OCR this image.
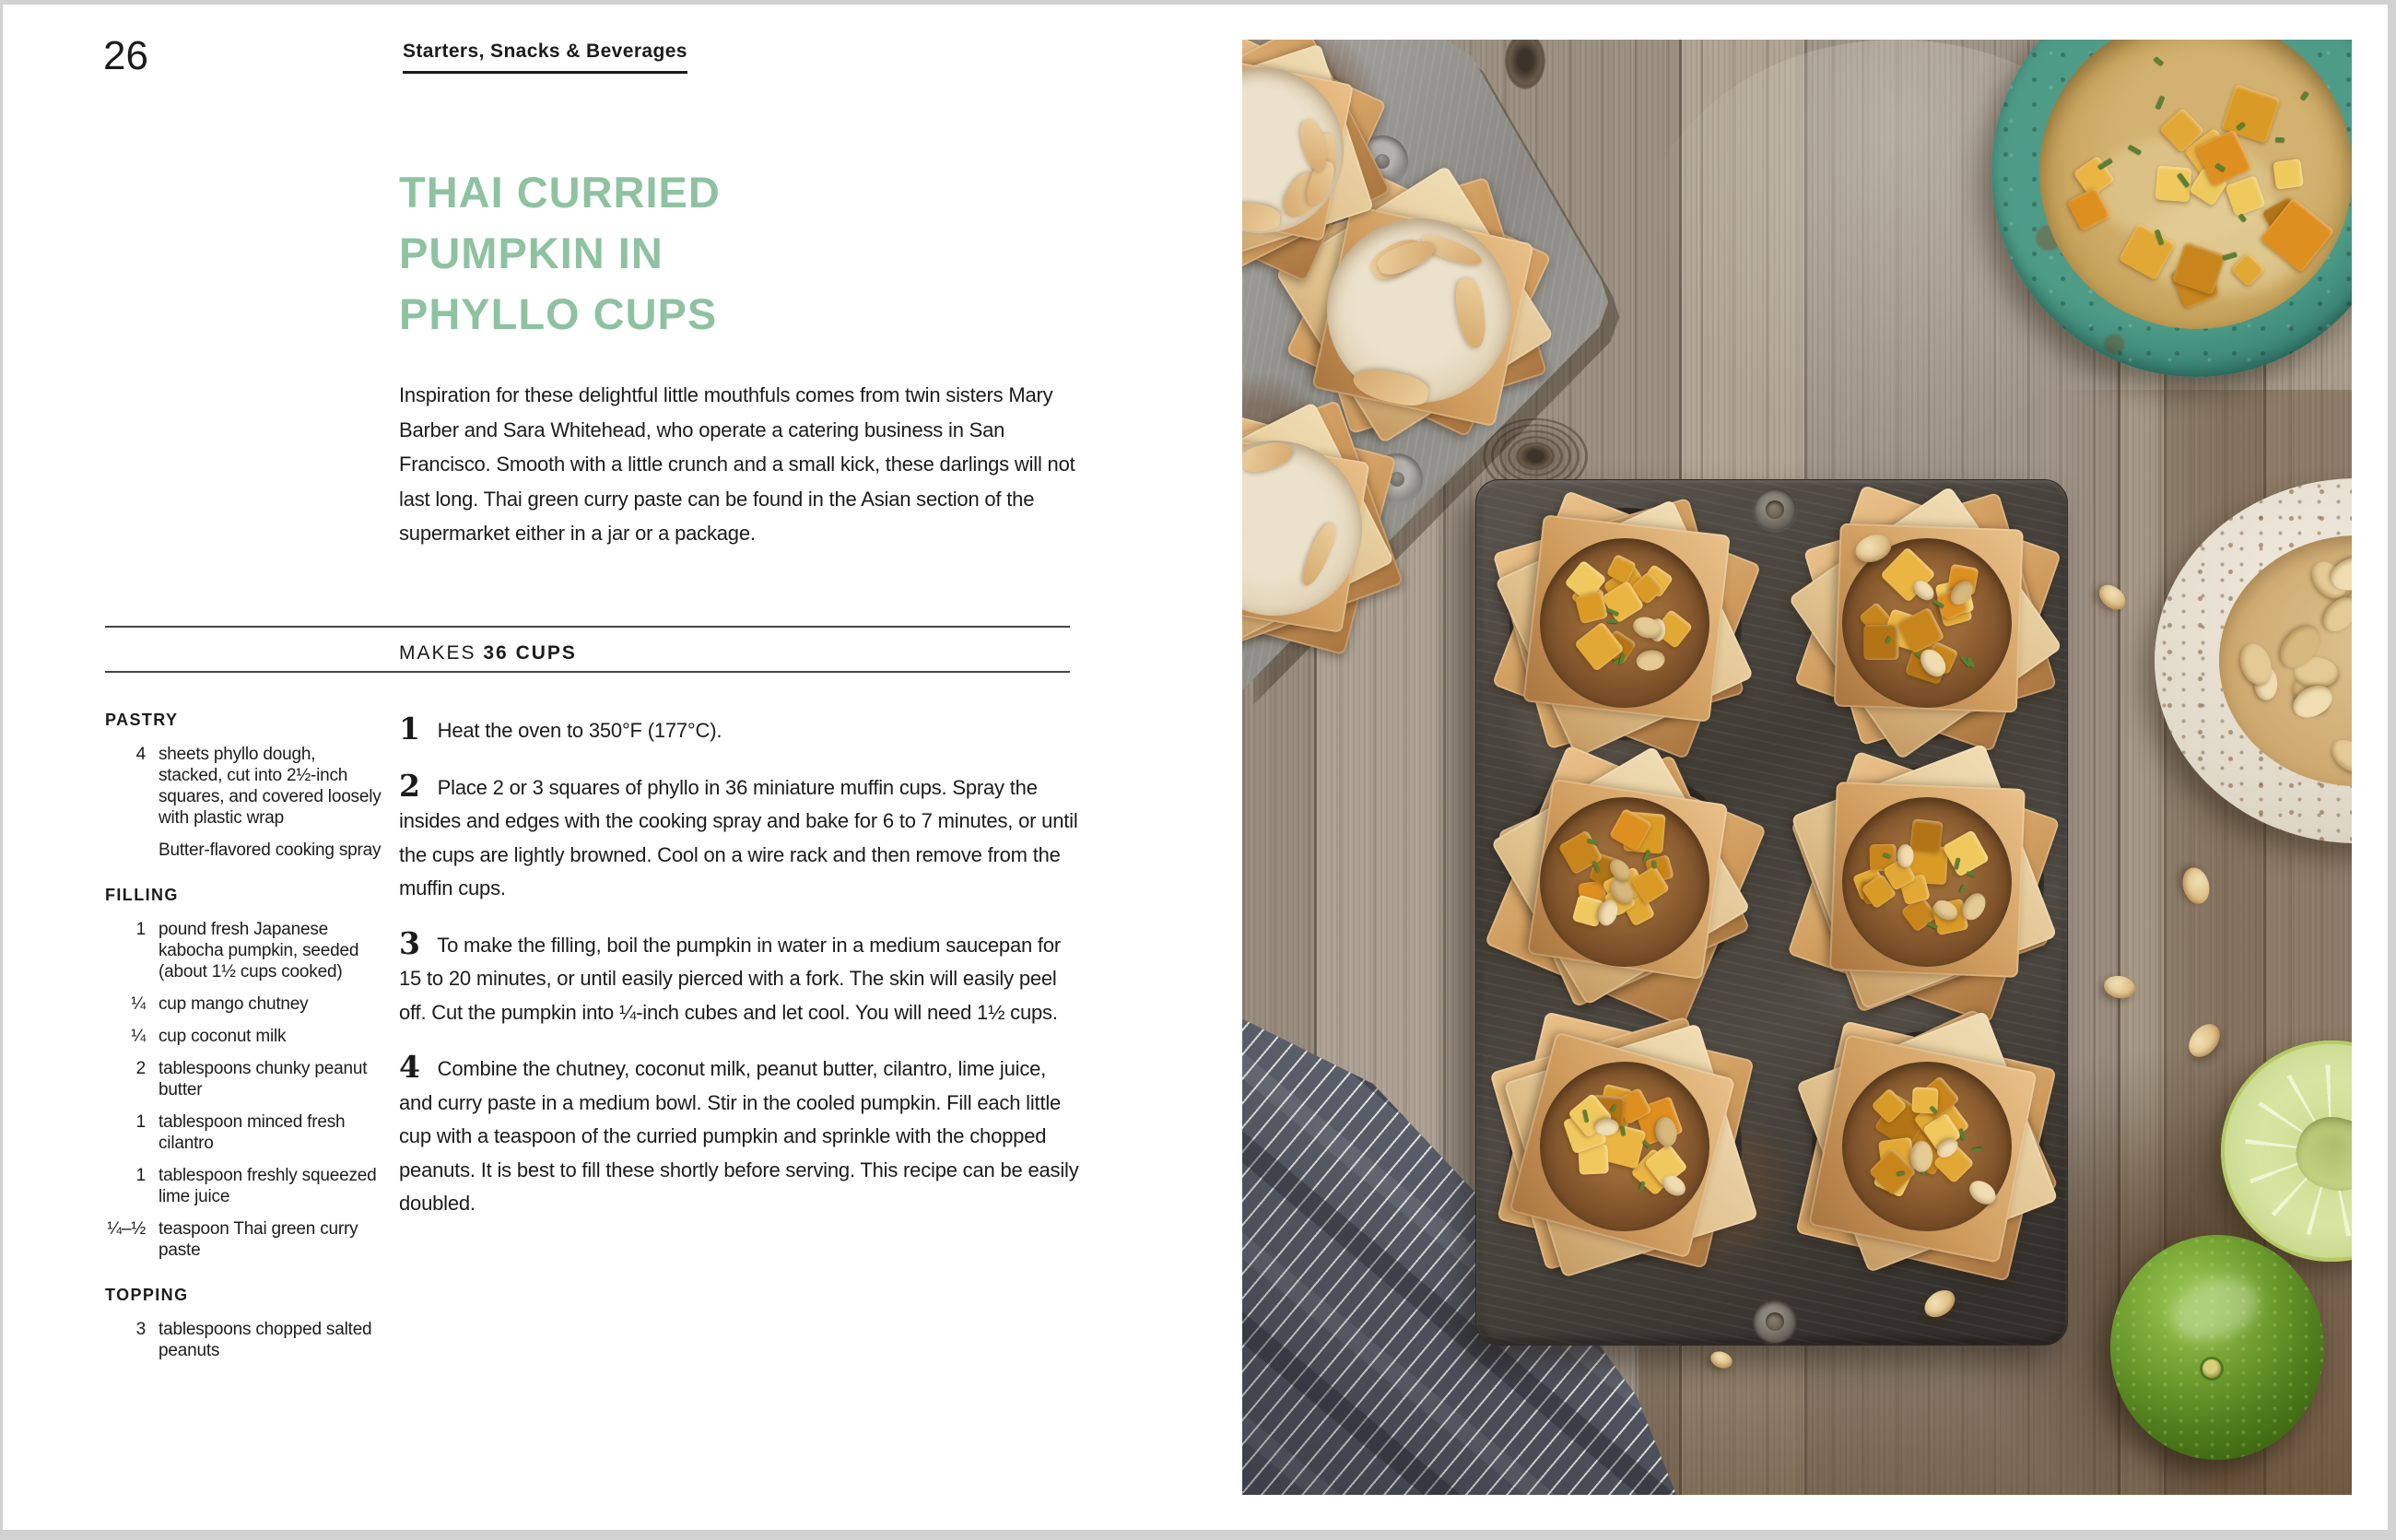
26	Starters, Snacks & Beverages
THAI CURRIED
PUMPKIN IN
PHYLLO CUPS

Inspiration for these delightful little mouthfuls comes from twin sisters Mary Barber and Sara Whitehead, who operate a catering business in San Francisco. Smooth with a little crunch and a small kick, these darlings will not last long. Thai green curry paste can be found in the Asian section of the supermarket either in a jar or a package.

MAKES 36 CUPS
PASTRY
4 sheets phyllo dough, stacked, cut into 2½-inch squares, and covered loosely with plastic wrap
Butter-flavored cooking spray
FILLING
1 pound fresh Japanese kabocha pumpkin, seeded (about 1½ cups cooked)
¼ cup mango chutney
¼ cup coconut milk
2 tablespoons chunky peanut butter
1 tablespoon minced fresh cilantro
1 tablespoon freshly squeezed lime juice
¼–½ teaspoon Thai green curry paste
TOPPING
3 tablespoons chopped salted peanuts

1 Heat the oven to 350°F (177°C).

2 Place 2 or 3 squares of phyllo in 36 miniature muffin cups. Spray the insides and edges with the cooking spray and bake for 6 to 7 minutes, or until the cups are lightly browned. Cool on a wire rack and then remove from the muffin cups.

3 To make the filling, boil the pumpkin in water in a medium saucepan for 15 to 20 minutes, or until easily pierced with a fork. The skin will easily peel off. Cut the pumpkin into ¼-inch cubes and let cool. You will need 1½ cups.

4 Combine the chutney, coconut milk, peanut butter, cilantro, lime juice, and curry paste in a medium bowl. Stir in the cooled pumpkin. Fill each little cup with a teaspoon of the curried pumpkin and sprinkle with the chopped peanuts. It is best to fill these shortly before serving. This recipe can be easily doubled.
